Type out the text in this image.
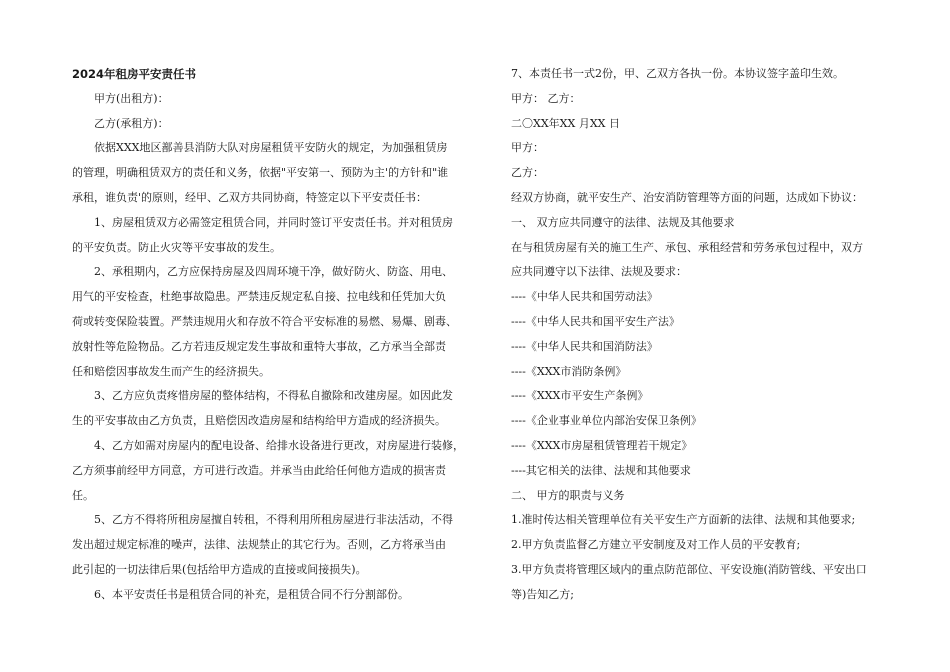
2024年租房平安责任书
甲方(出租方)：
乙方(承租方)：
依据XXX地区鄯善县消防大队对房屋租赁平安防火的规定，为加强租赁房
的管理，明确租赁双方的责任和义务，依据"平安第一、预防为主'的方针和"谁
承租，谁负责'的原则，经甲、乙双方共同协商，特签定以下平安责任书：
1、房屋租赁双方必需签定租赁合同，并同时签订平安责任书。并对租赁房
的平安负责。防止火灾等平安事故的发生。
2、承租期内，乙方应保持房屋及四周环境干净，做好防火、防盗、用电、
用气的平安检查，杜绝事故隐患。严禁违反规定私自接、拉电线和任凭加大负
荷或转变保险装置。严禁违规用火和存放不符合平安标准的易燃、易爆、剧毒、
放射性等危险物品。乙方若违反规定发生事故和重特大事故，乙方承当全部责
任和赔偿因事故发生而产生的经济损失。
3、乙方应负责疼惜房屋的整体结构，不得私自撤除和改建房屋。如因此发
生的平安事故由乙方负责，且赔偿因改造房屋和结构给甲方造成的经济损失。
4、乙方如需对房屋内的配电设备、给排水设备进行更改，对房屋进行装修，
乙方须事前经甲方同意，方可进行改造。并承当由此给任何他方造成的损害责
任。
5、乙方不得将所租房屋擅自转租，不得利用所租房屋进行非法活动，不得
发出超过规定标准的噪声，法律、法规禁止的其它行为。否则，乙方将承当由
此引起的一切法律后果(包括给甲方造成的直接或间接损失)。
6、本平安责任书是租赁合同的补充，是租赁合同不行分割部份。
7、本责任书一式2份，甲、乙双方各执一份。本协议签字盖印生效。
甲方： 乙方：
二〇XX年XX 月XX 日
甲方：
乙方：
经双方协商，就平安生产、治安消防管理等方面的问题，达成如下协议：
一、 双方应共同遵守的法律、法规及其他要求
在与租赁房屋有关的施工生产、承包、承租经营和劳务承包过程中，双方
应共同遵守以下法律、法规及要求：
----《中华人民共和国劳动法》
----《中华人民共和国平安生产法》
----《中华人民共和国消防法》
----《XXX市消防条例》
----《XXX市平安生产条例》
----《企业事业单位内部治安保卫条例》
----《XXX市房屋租赁管理若干规定》
----其它相关的法律、法规和其他要求
二、 甲方的职责与义务
1.准时传达相关管理单位有关平安生产方面新的法律、法规和其他要求;
2.甲方负责监督乙方建立平安制度及对工作人员的平安教育;
3.甲方负责将管理区域内的重点防范部位、平安设施(消防管线、平安出口
等)告知乙方;
